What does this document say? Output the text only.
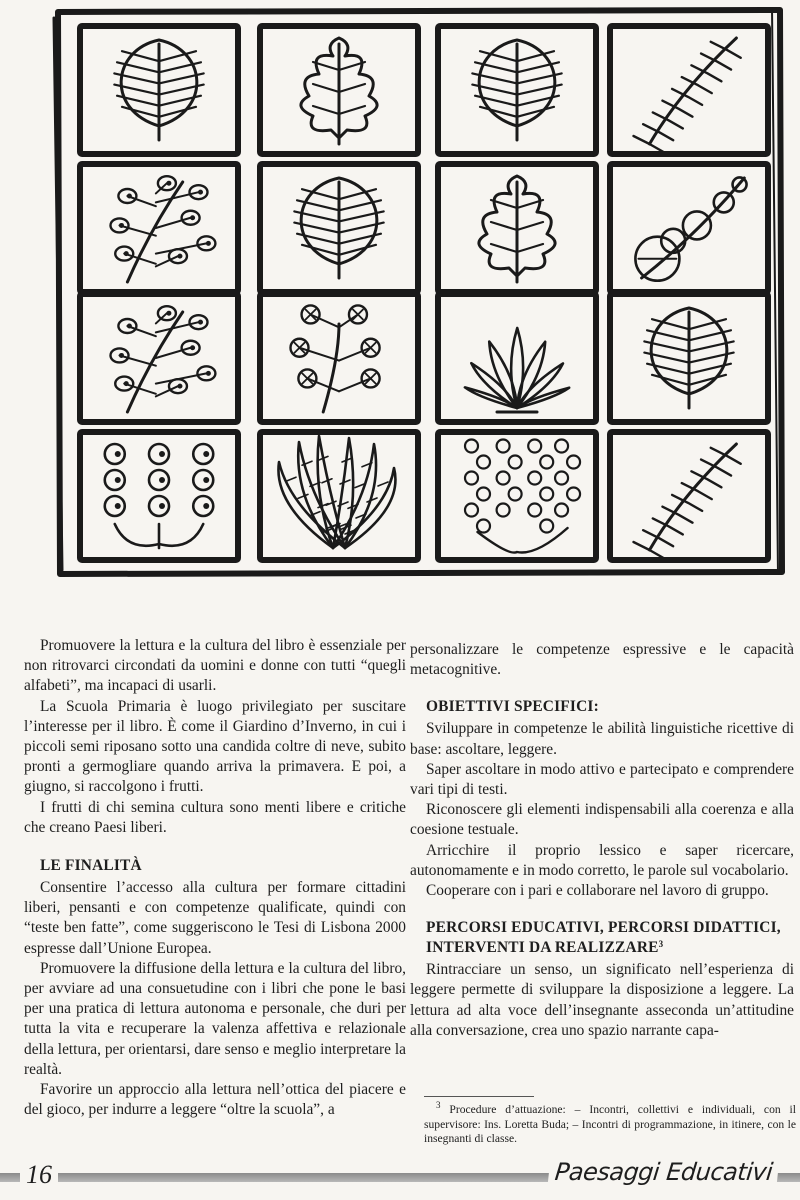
Promuovere la lettura e la cultura del libro è essenziale per non ritrovarci circondati da uomini e donne con tutti “quegli alfabeti”, ma incapaci di usarli.

La Scuola Primaria è luogo privilegiato per suscitare l’interesse per il libro. È come il Giardino d’Inverno, in cui i piccoli semi riposano sotto una candida coltre di neve, subito pronti a germogliare quando arriva la primavera. E poi, a giugno, si raccolgono i frutti.

I frutti di chi semina cultura sono menti libere e critiche che creano Paesi liberi.

LE FINALITÀ

Consentire l’accesso alla cultura per formare cittadini liberi, pensanti e con competenze qualificate, quindi con “teste ben fatte”, come suggeriscono le Tesi di Lisbona 2000 espresse dall’Unione Europea.

Promuovere la diffusione della lettura e la cultura del libro, per avviare ad una consuetudine con i libri che pone le basi per una pratica di lettura autonoma e personale, che duri per tutta la vita e recuperare la valenza affettiva e relazionale della lettura, per orientarsi, dare senso e meglio interpretare la realtà.

Favorire un approccio alla lettura nell’ottica del piacere e del gioco, per indurre a leggere “oltre la scuola”, a

personalizzare le competenze espressive e le capacità metacognitive.

OBIETTIVI SPECIFICI:

Sviluppare in competenze le abilità linguistiche ricettive di base: ascoltare, leggere.

Saper ascoltare in modo attivo e partecipato e comprendere vari tipi di testi.

Riconoscere gli elementi indispensabili alla coerenza e alla coesione testuale.

Arricchire il proprio lessico e saper ricercare, autonomamente e in modo corretto, le parole sul vocabolario.

Cooperare con i pari e collaborare nel lavoro di gruppo.

PERCORSI EDUCATIVI, PERCORSI DIDATTICI, INTERVENTI DA REALIZZARE$^3$

Rintracciare un senso, un significato nell’esperienza di leggere permette di sviluppare la disposizione a leggere. La lettura ad alta voce dell’insegnante asseconda un’attitudine alla conversazione, crea uno spazio narrante capa-

$^3$ Procedure d’attuazione: – Incontri, collettivi e individuali, con il supervisore: Ins. Loretta Buda; – Incontri di programmazione, in itinere, con le insegnanti di classe.

16	Paesaggi Educativi
